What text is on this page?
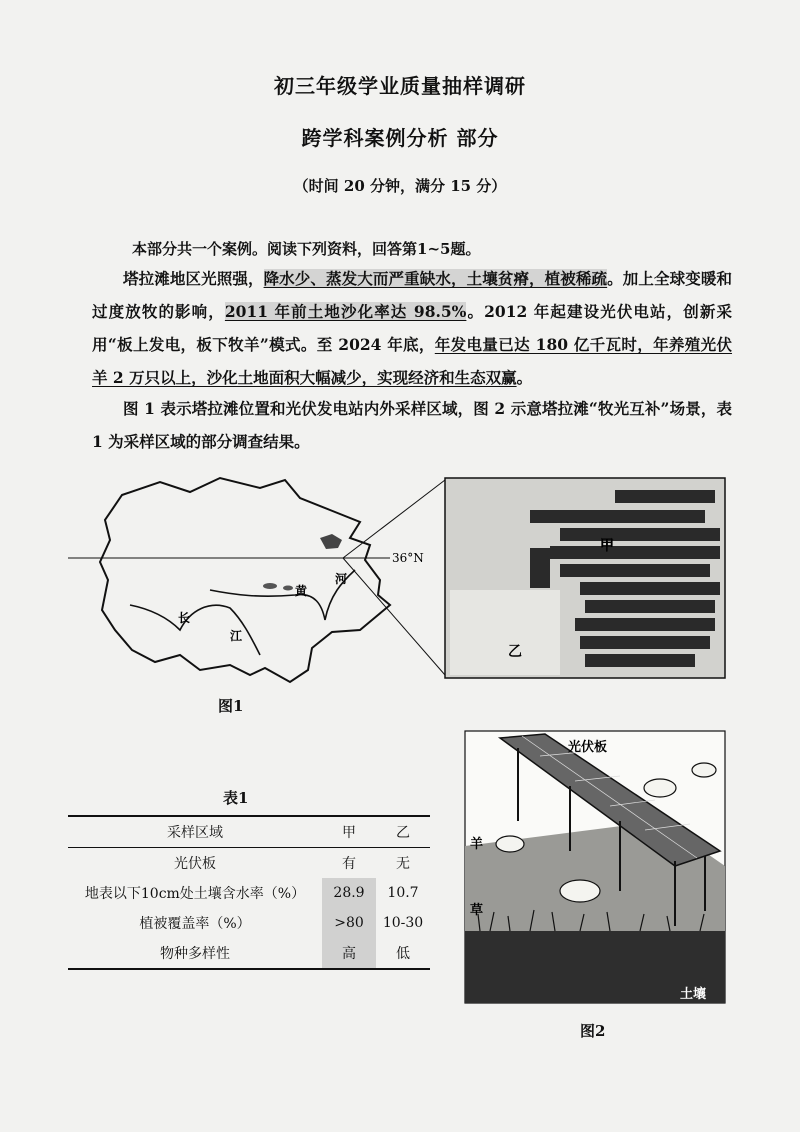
初三年级学业质量抽样调研
跨学科案例分析 部分
（时间 20 分钟，满分 15 分）
本部分共一个案例。阅读下列资料，回答第1~5题。
塔拉滩地区光照强，降水少、蒸发大而严重缺水，土壤贫瘠，植被稀疏。加上全球变暖和过度放牧的影响，2011 年前土地沙化率达 98.5%。2012 年起建设光伏电站，创新采用“板上发电，板下牧羊”模式。至 2024 年底，年发电量已达 180 亿千瓦时，年养殖光伏羊 2 万只以上，沙化土地面积大幅减少，实现经济和生态双赢。
图 1 表示塔拉滩位置和光伏发电站内外采样区域，图 2 示意塔拉滩“牧光互补”场景，表 1 为采样区域的部分调查结果。
36°N
河
黄
长
江
甲
乙
图1
表1
采样区域	甲	乙
光伏板	有	无
地表以下10cm处土壤含水率（%）	28.9	10.7
植被覆盖率（%）	>80	10-30
物种多样性	高	低
光伏板
羊
草
土壤
图2
